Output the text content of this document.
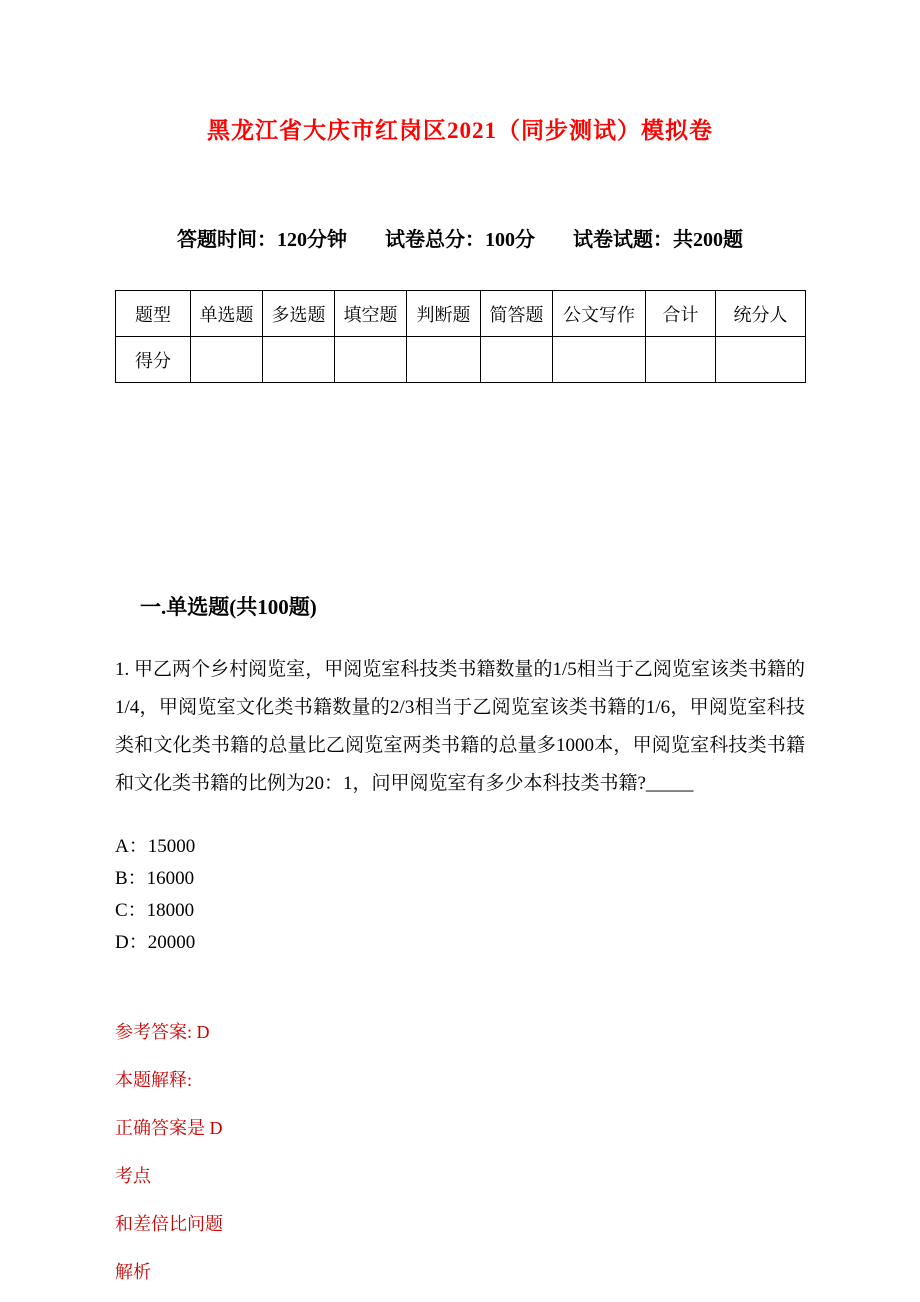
黑龙江省大庆市红岗区2021（同步测试）模拟卷
答题时间：120分钟 试卷总分：100分 试卷试题：共200题
题型	单选题	多选题	填空题	判断题	简答题	公文写作	合计	统分人
得分								
一.单选题(共100题)
1. 甲乙两个乡村阅览室，甲阅览室科技类书籍数量的1/5相当于乙阅览室该类书籍的1/4，甲阅览室文化类书籍数量的2/3相当于乙阅览室该类书籍的1/6，甲阅览室科技类和文化类书籍的总量比乙阅览室两类书籍的总量多1000本，甲阅览室科技类书籍和文化类书籍的比例为20：1，问甲阅览室有多少本科技类书籍?_____
A：15000
B：16000
C：18000
D：20000
参考答案: D
本题解释:
正确答案是 D
考点
和差倍比问题
解析
